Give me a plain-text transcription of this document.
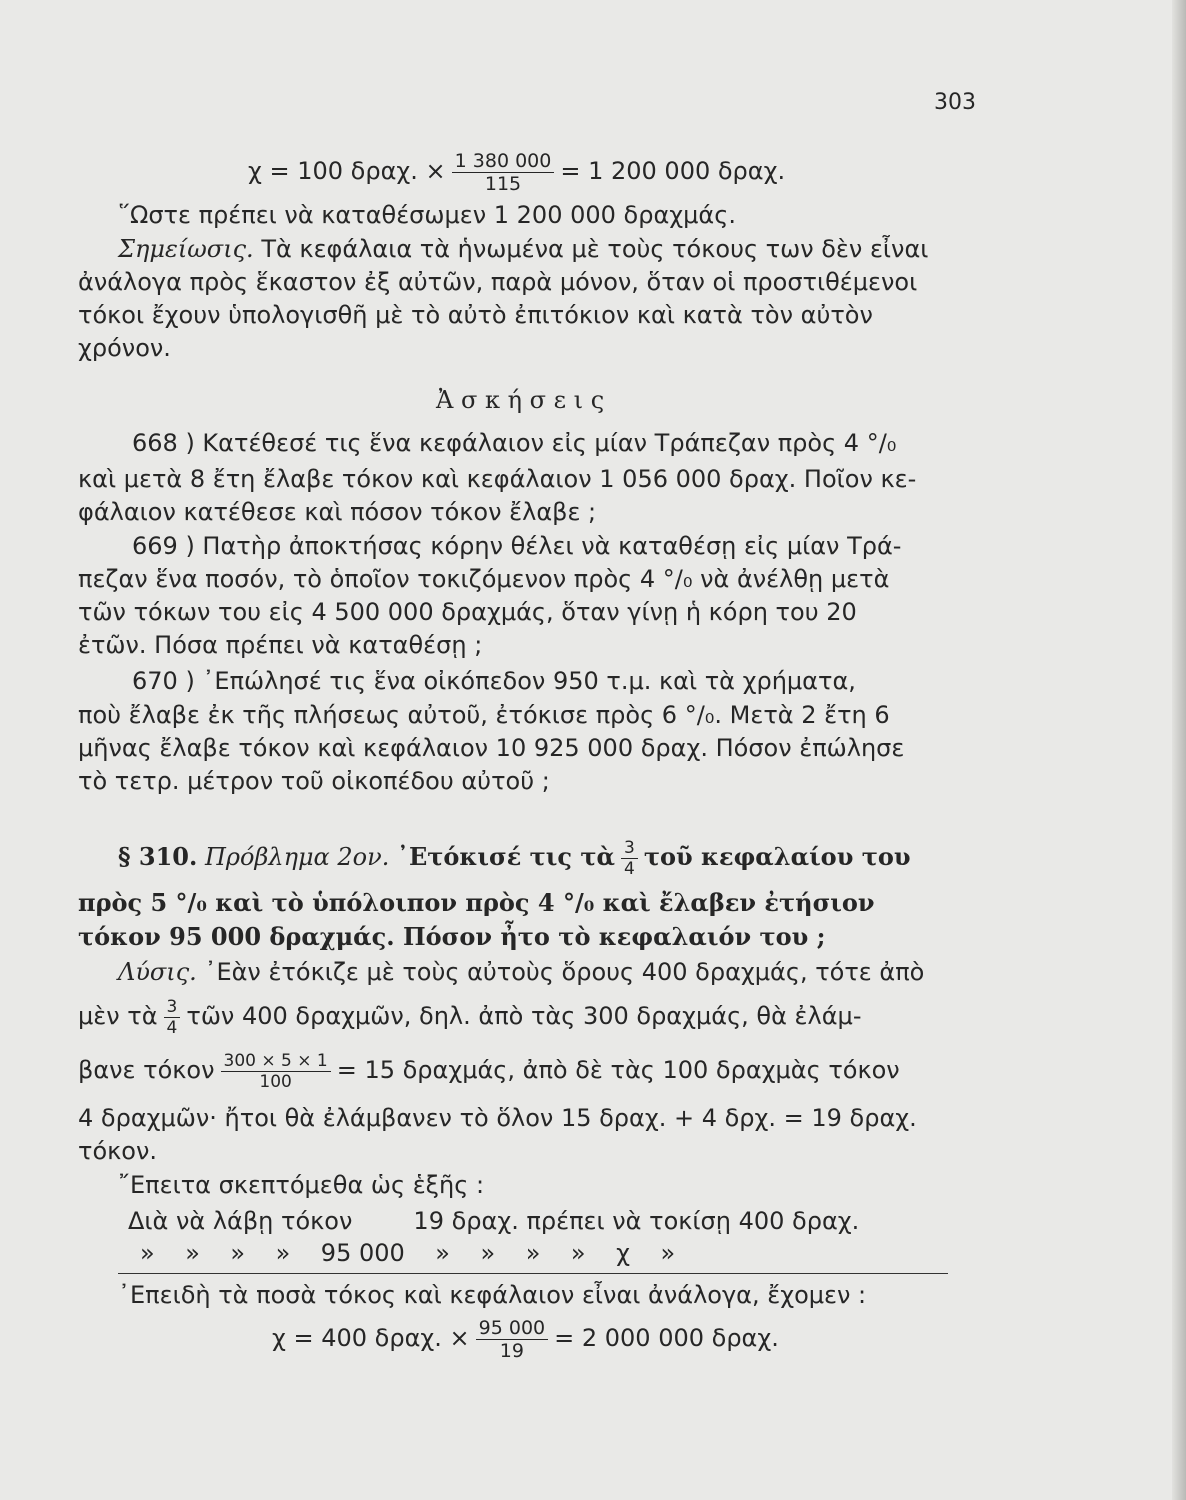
303
χ = 100 δραχ. × $\frac{1 380 000}{115} = 1$ 200 000 δραχ.
῞Ωστε πρέπει νὰ καταθέσωμεν 1 200 000 δραχμάς.
Σημείωσις. Τὰ κεφάλαια τὰ ἡνωμένα μὲ τοὺς τόκους των δὲν εἶναι
ἀνάλογα πρὸς ἕκαστον ἐξ αὐτῶν, παρὰ μόνον, ὅταν οἱ προστιθέμενοι
τόκοι ἔχουν ὑπολογισθῆ μὲ τὸ αὐτὸ ἐπιτόκιον καὶ κατὰ τὸν αὐτὸν
χρόνον.
Ἀ σ κ ή σ ε ι ς
668 ) Κατέθεσέ τις ἕνα κεφάλαιον εἰς μίαν Τράπεζαν πρὸς 4 °/₀
καὶ μετὰ 8 ἔτη ἔλαβε τόκον καὶ κεφάλαιον 1 056 000 δραχ. Ποῖον κε-
φάλαιον κατέθεσε καὶ πόσον τόκον ἔλαβε ;
669 ) Πατὴρ ἀποκτήσας κόρην θέλει νὰ καταθέσῃ εἰς μίαν Τρά-
πεζαν ἕνα ποσόν, τὸ ὁποῖον τοκιζόμενον πρὸς 4 °/₀ νὰ ἀνέλθῃ μετὰ
τῶν τόκων του εἰς 4 500 000 δραχμάς, ὅταν γίνῃ ἡ κόρη του 20
ἐτῶν. Πόσα πρέπει νὰ καταθέσῃ ;
670 ) ᾿Επώλησέ τις ἕνα οἰκόπεδον 950 τ.μ. καὶ τὰ χρήματα,
ποὺ ἔλαβε ἐκ τῆς πλήσεως αὐτοῦ, ἐτόκισε πρὸς 6 °/₀. Μετὰ 2 ἔτη 6
μῆνας ἔλαβε τόκον καὶ κεφάλαιον 10 925 000 δραχ. Πόσον ἐπώλησε
τὸ τετρ. μέτρον τοῦ οἰκοπέδου αὐτοῦ ;
§ 310. Πρόβλημα 2ον. ᾿Ετόκισέ τις τὰ $\frac{3}{4}$ τοῦ κεφαλαίου του
πρὸς 5 °/₀ καὶ τὸ ὑπόλοιπον πρὸς 4 °/₀ καὶ ἔλαβεν ἐτήσιον
τόκον 95 000 δραχμάς. Πόσον ἦτο τὸ κεφαλαιόν του ;
Λύσις. ᾿Εὰν ἐτόκιζε μὲ τοὺς αὐτοὺς ὅρους 400 δραχμάς, τότε ἀπὸ
μὲν τὰ $\frac{3}{4}$ τῶν 400 δραχμῶν, δηλ. ἀπὸ τὰς 300 δραχμάς, θὰ ἐλάμ-
βανε τόκον $\frac{300 \times 5 \times 1}{100} = 15$ δραχμάς, ἀπὸ δὲ τὰς 100 δραχμὰς τόκον
4 δραχμῶν· ἤτοι θὰ ἐλάμβανεν τὸ ὅλον 15 δραχ. + 4 δρχ. = 19 δραχ.
τόκον.
῎Επειτα σκεπτόμεθα ὡς ἑξῆς :
Διὰ νὰ λάβῃ τόκον        19 δραχ. πρέπει νὰ τοκίσῃ 400 δραχ.
»    »    »    »    95 000    »    »    »    »    χ    »
᾿Επειδὴ τὰ ποσὰ τόκος καὶ κεφάλαιον εἶναι ἀνάλογα, ἔχομεν :
χ = 400 δραχ. × $\frac{95 000}{19} = 2$ 000 000 δραχ.
